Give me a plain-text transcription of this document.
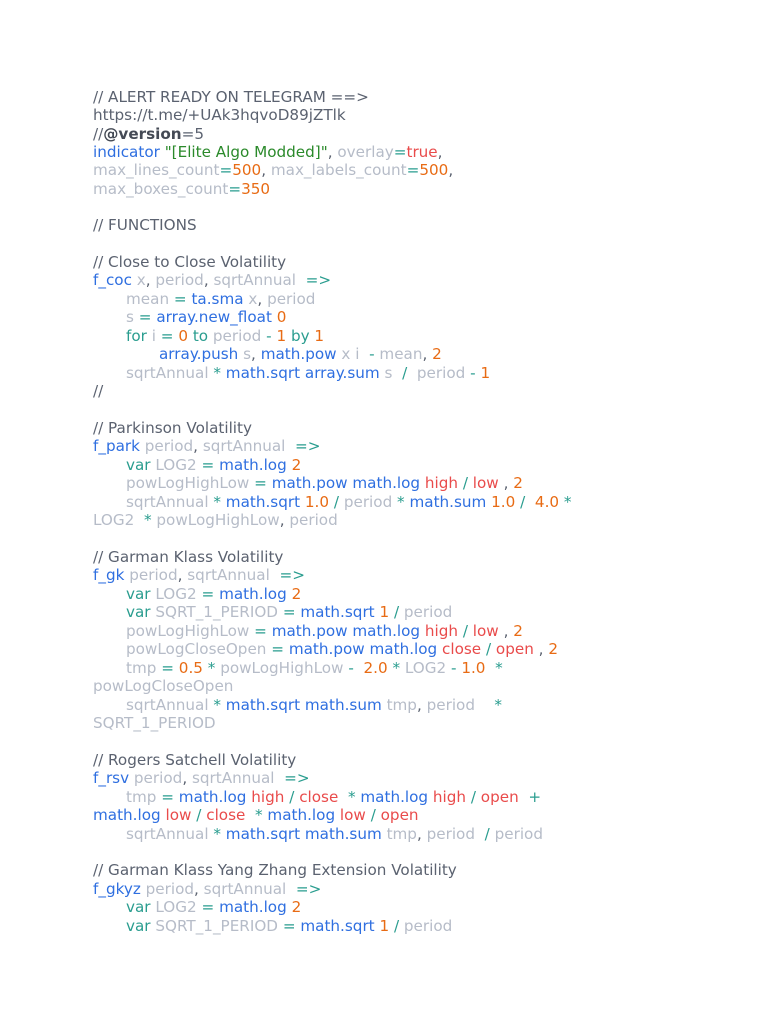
// ALERT READY ON TELEGRAM ==>
https://t.me/+UAk3hqvoD89jZTlk
//@version=5
indicator "[Elite Algo Modded]", overlay=true,
max_lines_count=500, max_labels_count=500,
max_boxes_count=350
// FUNCTIONS
// Close to Close Volatility
f_coc x, period, sqrtAnnual  =>
mean = ta.sma x, period
s = array.new_float 0
for i = 0 to period - 1 by 1
array.push s, math.pow x i  - mean, 2
sqrtAnnual * math.sqrt array.sum s  /  period - 1
//
// Parkinson Volatility
f_park period, sqrtAnnual  =>
var LOG2 = math.log 2
powLogHighLow = math.pow math.log high / low , 2
sqrtAnnual * math.sqrt 1.0 / period * math.sum 1.0 /  4.0 *
LOG2  * powLogHighLow, period
// Garman Klass Volatility
f_gk period, sqrtAnnual  =>
var LOG2 = math.log 2
var SQRT_1_PERIOD = math.sqrt 1 / period
powLogHighLow = math.pow math.log high / low , 2
powLogCloseOpen = math.pow math.log close / open , 2
tmp = 0.5 * powLogHighLow -  2.0 * LOG2 - 1.0  *
powLogCloseOpen
sqrtAnnual * math.sqrt math.sum tmp, period    *
SQRT_1_PERIOD
// Rogers Satchell Volatility
f_rsv period, sqrtAnnual  =>
tmp = math.log high / close  * math.log high / open  +
math.log low / close  * math.log low / open
sqrtAnnual * math.sqrt math.sum tmp, period  / period
// Garman Klass Yang Zhang Extension Volatility
f_gkyz period, sqrtAnnual  =>
var LOG2 = math.log 2
var SQRT_1_PERIOD = math.sqrt 1 / period
